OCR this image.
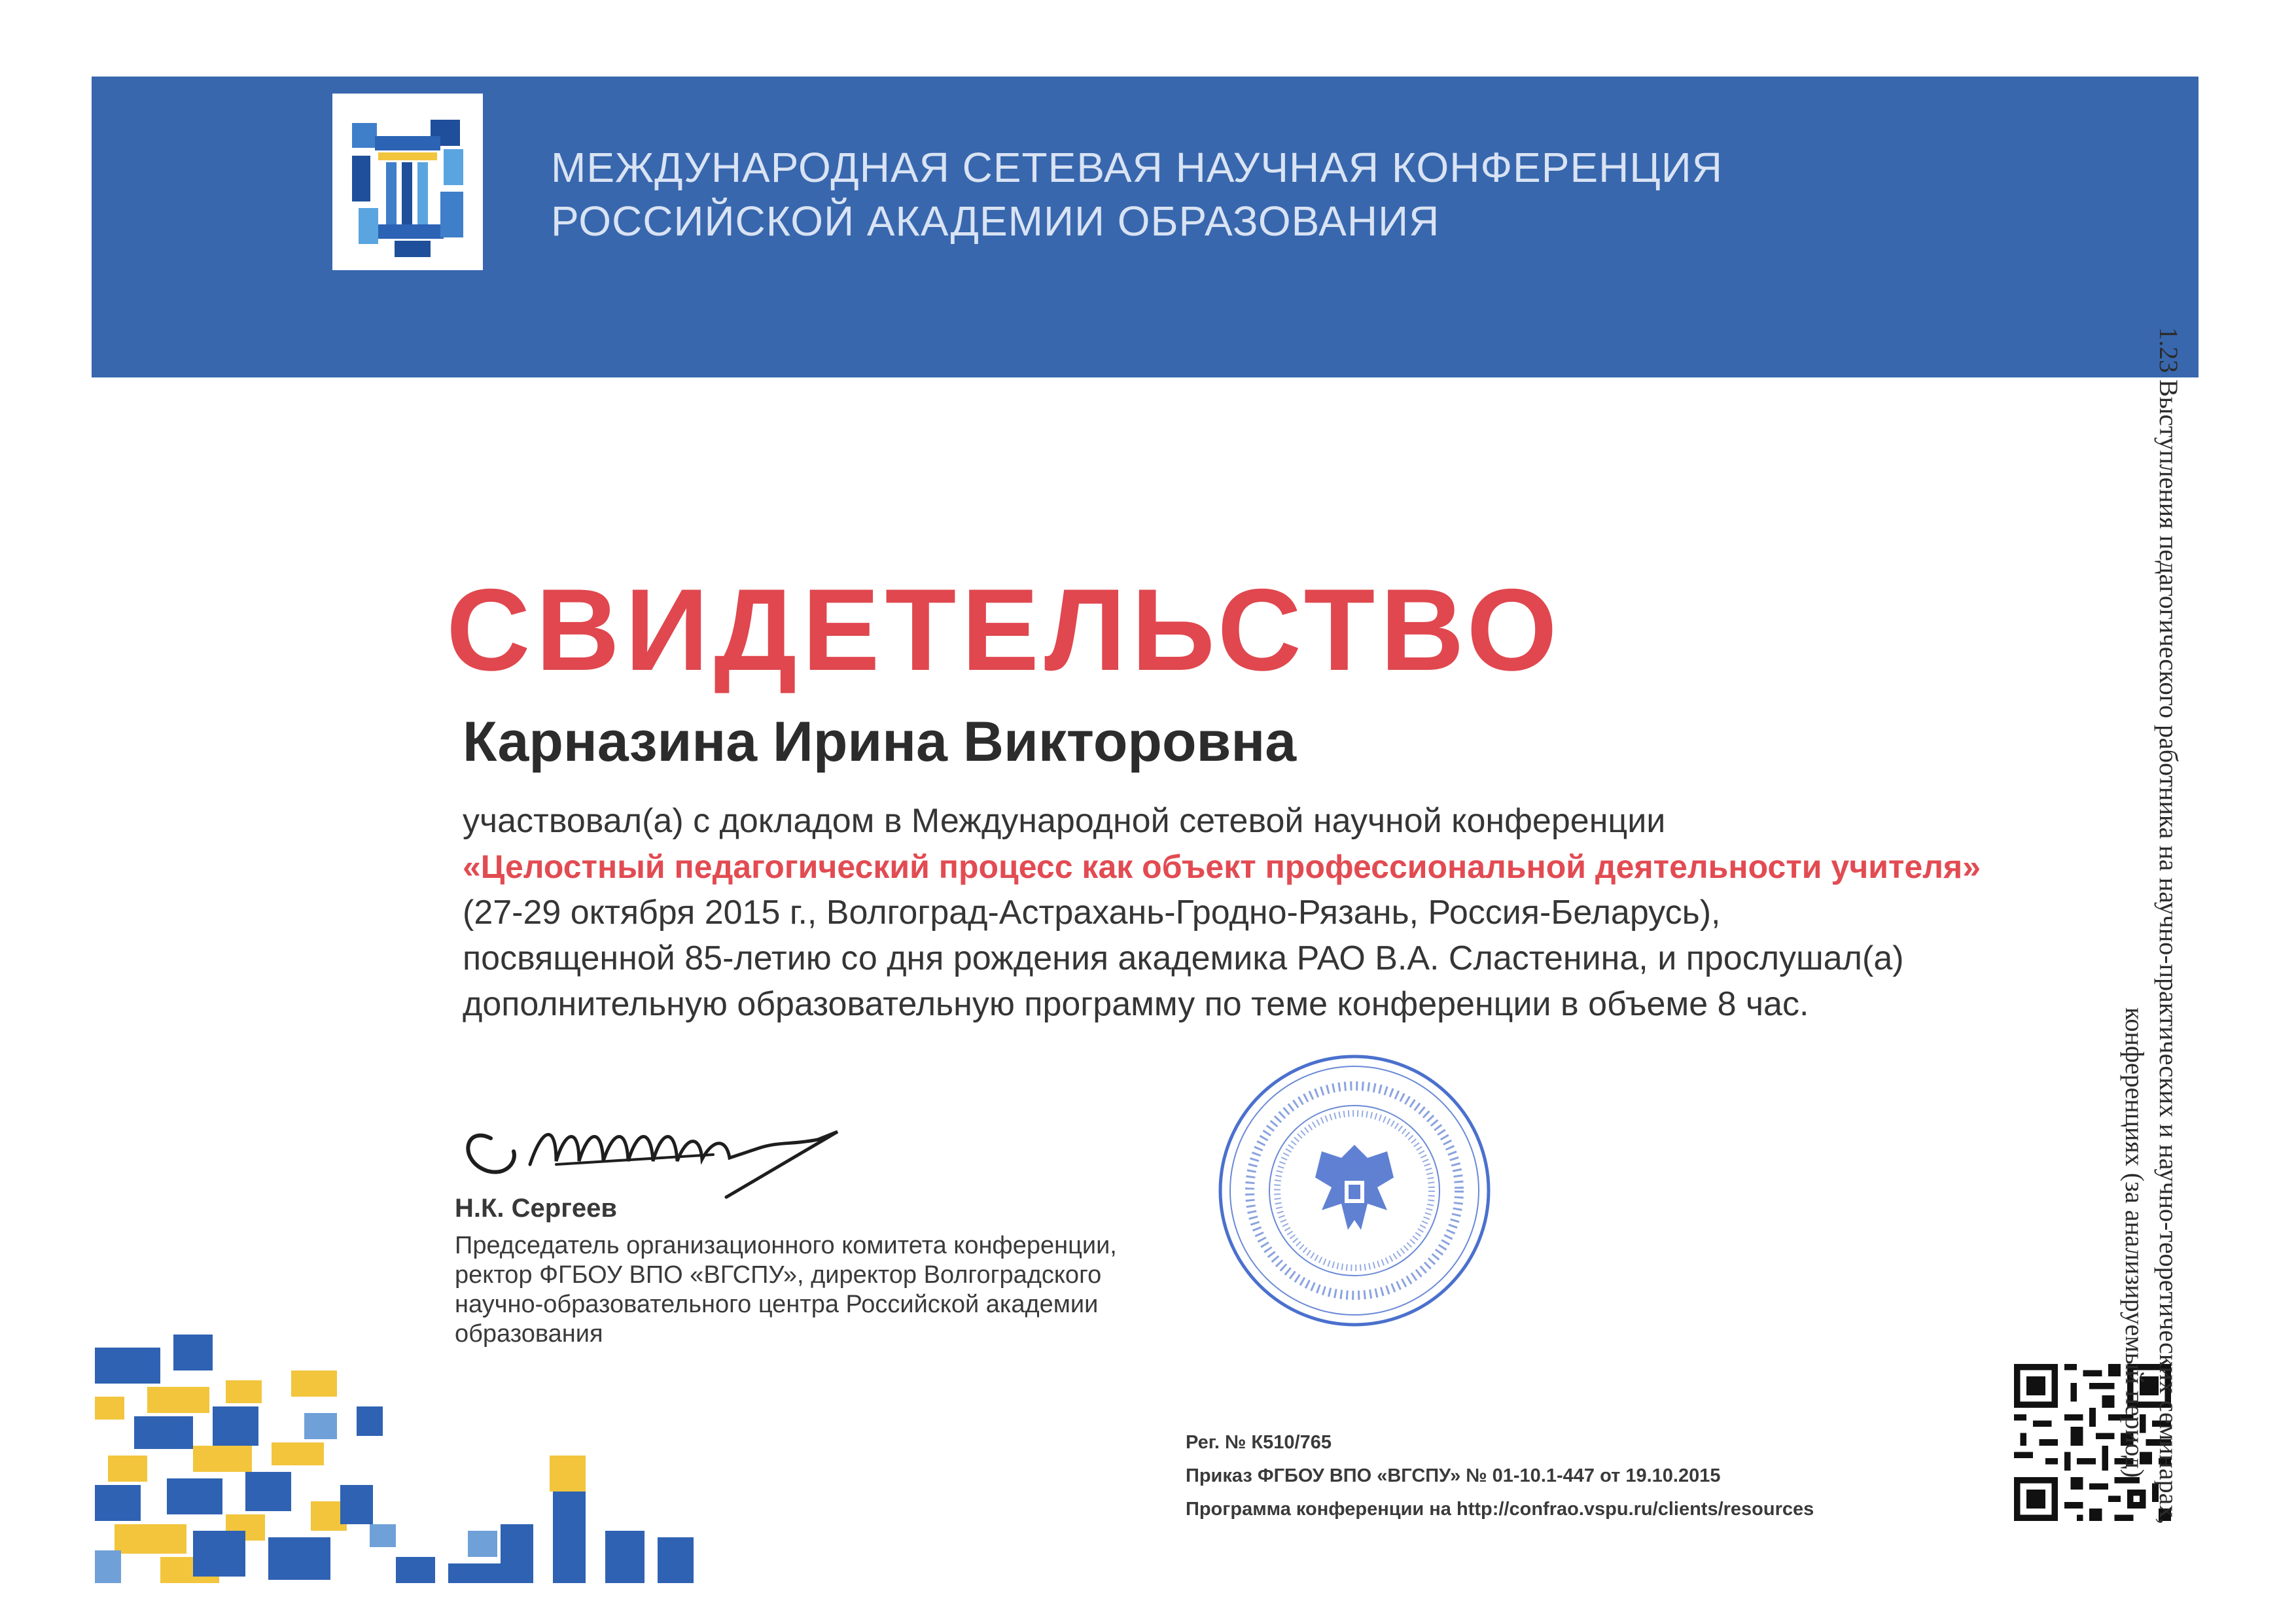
МЕЖДУНАРОДНАЯ СЕТЕВАЯ НАУЧНАЯ КОНФЕРЕНЦИЯ
РОССИЙСКОЙ АКАДЕМИИ ОБРАЗОВАНИЯ
СВИДЕТЕЛЬСТВО
Карназина Ирина Викторовна
участвовал(а) с докладом в Международной сетевой научной конференции
«Целостный педагогический процесс как объект профессиональной деятельности учителя»
(27-29 октября 2015 г., Волгоград-Астрахань-Гродно-Рязань, Россия-Беларусь),
посвященной 85-летию со дня рождения академика РАО В.А. Сластенина, и прослушал(а)
дополнительную образовательную программу по теме конференции в объеме 8 час.
Н.К. Сергеев
Председатель организационного комитета конференции,
ректор ФГБОУ ВПО «ВГСПУ», директор Волгоградского
научно-образовательного центра Российской академии
образования
Рег. № К510/765
Приказ ФГБОУ ВПО «ВГСПУ» № 01-10.1-447 от 19.10.2015
Программа конференции на http://confrao.vspu.ru/clients/resources	1.23 Выступления педагогического работника на научно-практических и научно-теоретических семинарах,
конференциях (за анализируемый период)
